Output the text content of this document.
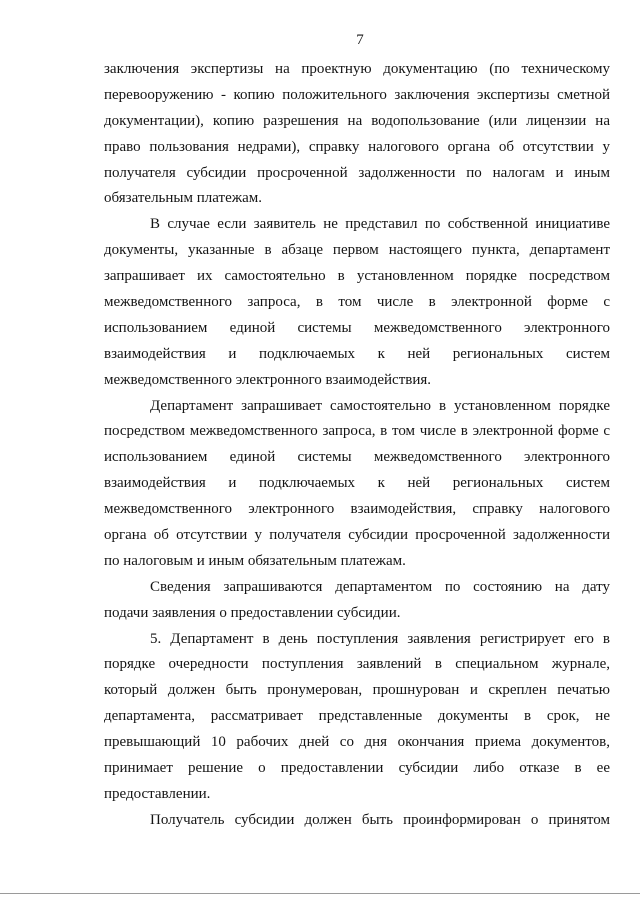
7
заключения экспертизы на проектную документацию (по техническому
перевооружению - копию положительного заключения экспертизы сметной
документации), копию разрешения на водопользование (или лицензии на
право пользования недрами), справку налогового органа об отсутствии у
получателя субсидии просроченной задолженности по налогам и иным
обязательным платежам.
В случае если заявитель не представил по собственной инициативе
документы, указанные в абзаце первом настоящего пункта, департамент
запрашивает их самостоятельно в установленном порядке посредством
межведомственного запроса, в том числе в электронной форме с
использованием единой системы межведомственного электронного
взаимодействия и подключаемых к ней региональных систем
межведомственного электронного взаимодействия.
Департамент запрашивает самостоятельно в установленном порядке
посредством межведомственного запроса, в том числе в электронной форме с
использованием единой системы межведомственного электронного
взаимодействия и подключаемых к ней региональных систем
межведомственного электронного взаимодействия, справку налогового
органа об отсутствии у получателя субсидии просроченной задолженности
по налоговым и иным обязательным платежам.
Сведения запрашиваются департаментом по состоянию на дату
подачи заявления о предоставлении субсидии.
5. Департамент в день поступления заявления регистрирует его в
порядке очередности поступления заявлений в специальном журнале,
который должен быть пронумерован, прошнурован и скреплен печатью
департамента, рассматривает представленные документы в срок, не
превышающий 10 рабочих дней со дня окончания приема документов,
принимает решение о предоставлении субсидии либо отказе в ее
предоставлении.
Получатель субсидии должен быть проинформирован о принятом
